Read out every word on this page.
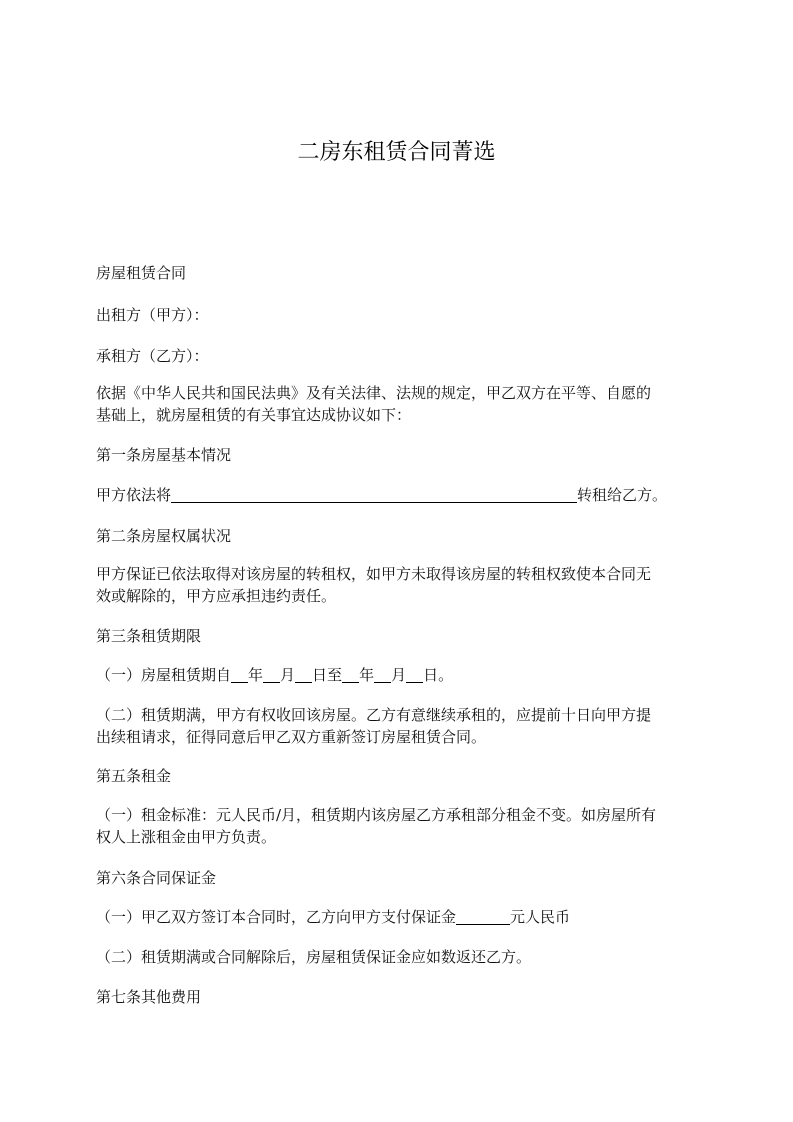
二房东租赁合同菁选
房屋租赁合同
出租方（甲方）：
承租方（乙方）：
依据《中华人民共和国民法典》及有关法律、法规的规定，甲乙双方在平等、自愿的
基础上，就房屋租赁的有关事宜达成协议如下：
第一条房屋基本情况
甲方依法将	转租给乙方。
第二条房屋权属状况
甲方保证已依法取得对该房屋的转租权，如甲方未取得该房屋的转租权致使本合同无
效或解除的，甲方应承担违约责任。
第三条租赁期限
（一）房屋租赁期自 年 月 日至 年 月 日。
（二）租赁期满，甲方有权收回该房屋。乙方有意继续承租的，应提前十日向甲方提
出续租请求，征得同意后甲乙双方重新签订房屋租赁合同。
第五条租金
（一）租金标准：元人民币/月，租赁期内该房屋乙方承租部分租金不变。如房屋所有
权人上涨租金由甲方负责。
第六条合同保证金
（一）甲乙双方签订本合同时，乙方向甲方支付保证金	元人民币
（二）租赁期满或合同解除后，房屋租赁保证金应如数返还乙方。
第七条其他费用
